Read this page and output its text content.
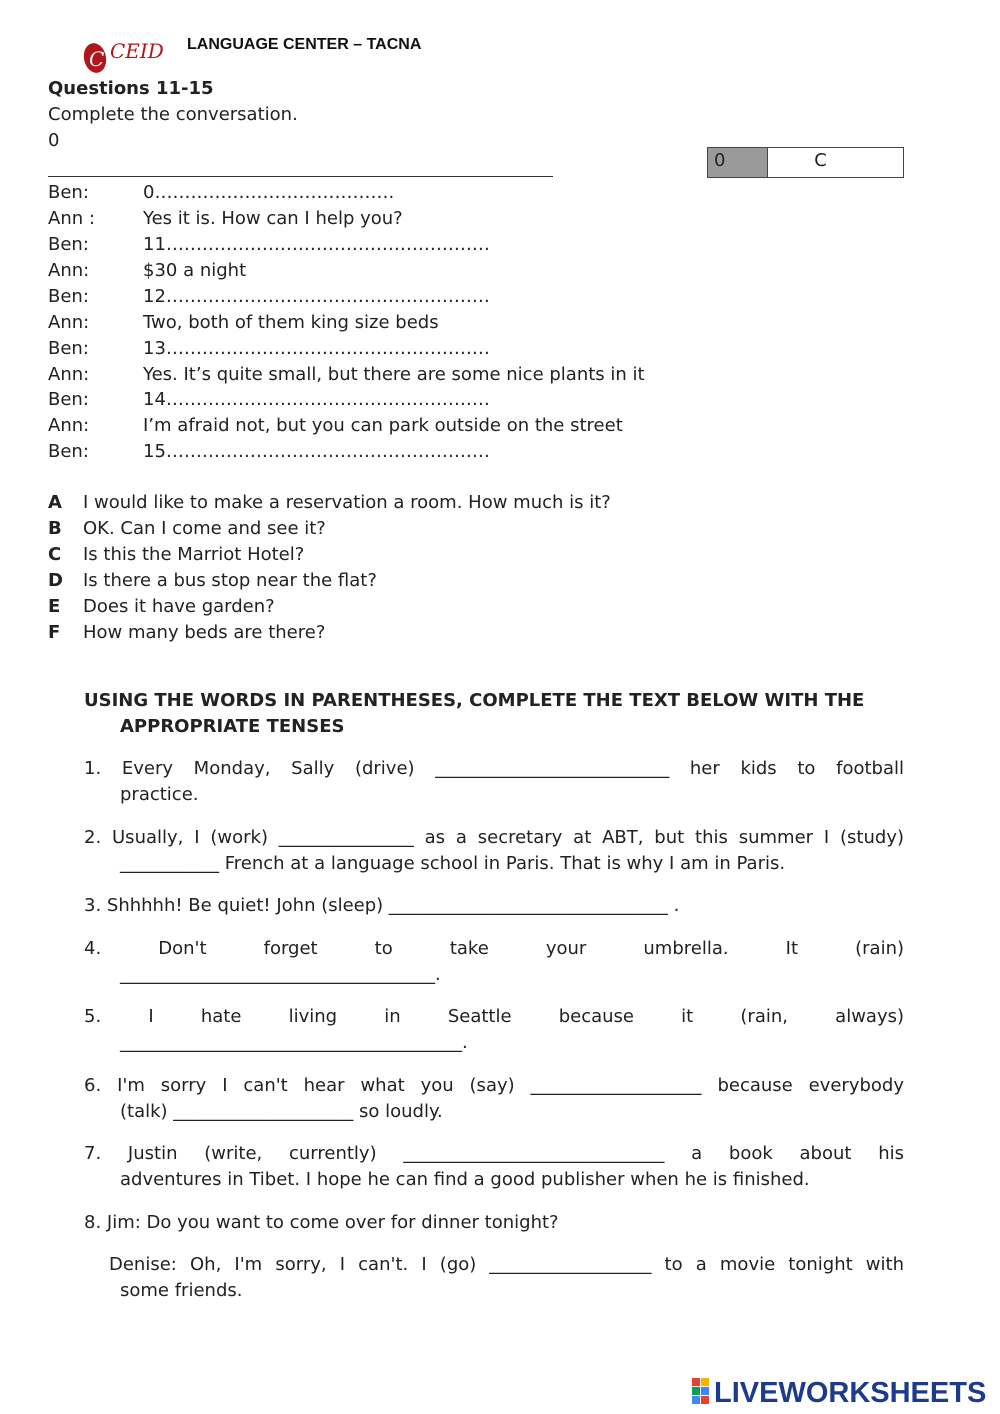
C CEID LANGUAGE CENTER – TACNA
Questions 11-15
Complete the conversation.
0
0	C
Ben:	0………………………………….
Ann :	Yes it is. How can I help you?
Ben:	11………………………………………………
Ann:	$30 a night
Ben:	12………………………………………………
Ann:	Two, both of them king size beds
Ben:	13………………………………………………
Ann:	Yes. It’s quite small, but there are some nice plants in it
Ben:	14………………………………………………
Ann:	I’m afraid not, but you can park outside on the street
Ben:	15………………………………………………
A I would like to make a reservation a room. How much is it?
B OK. Can I come and see it?
C Is this the Marriot Hotel?
D Is there a bus stop near the flat?
E Does it have garden?
F How many beds are there?
USING THE WORDS IN PARENTHESES, COMPLETE THE TEXT BELOW WITH THE
APPROPRIATE TENSES
1. Every Monday, Sally (drive) __________________________ her kids to football
practice.
2. Usually, I (work) _______________ as a secretary at ABT, but this summer I (study)
___________ French at a language school in Paris. That is why I am in Paris.
3. Shhhhh! Be quiet! John (sleep) _______________________________ .
4. Don't forget to take your umbrella. It (rain)
___________________________________.
5. I hate living in Seattle because it (rain, always)
______________________________________.
6. I'm sorry I can't hear what you (say) ___________________ because everybody
(talk) ____________________ so loudly.
7. Justin (write, currently) _____________________________ a book about his
adventures in Tibet. I hope he can find a good publisher when he is finished.
8. Jim: Do you want to come over for dinner tonight?
Denise: Oh, I'm sorry, I can't. I (go) __________________ to a movie tonight with
some friends.
LIVEWORKSHEETS
